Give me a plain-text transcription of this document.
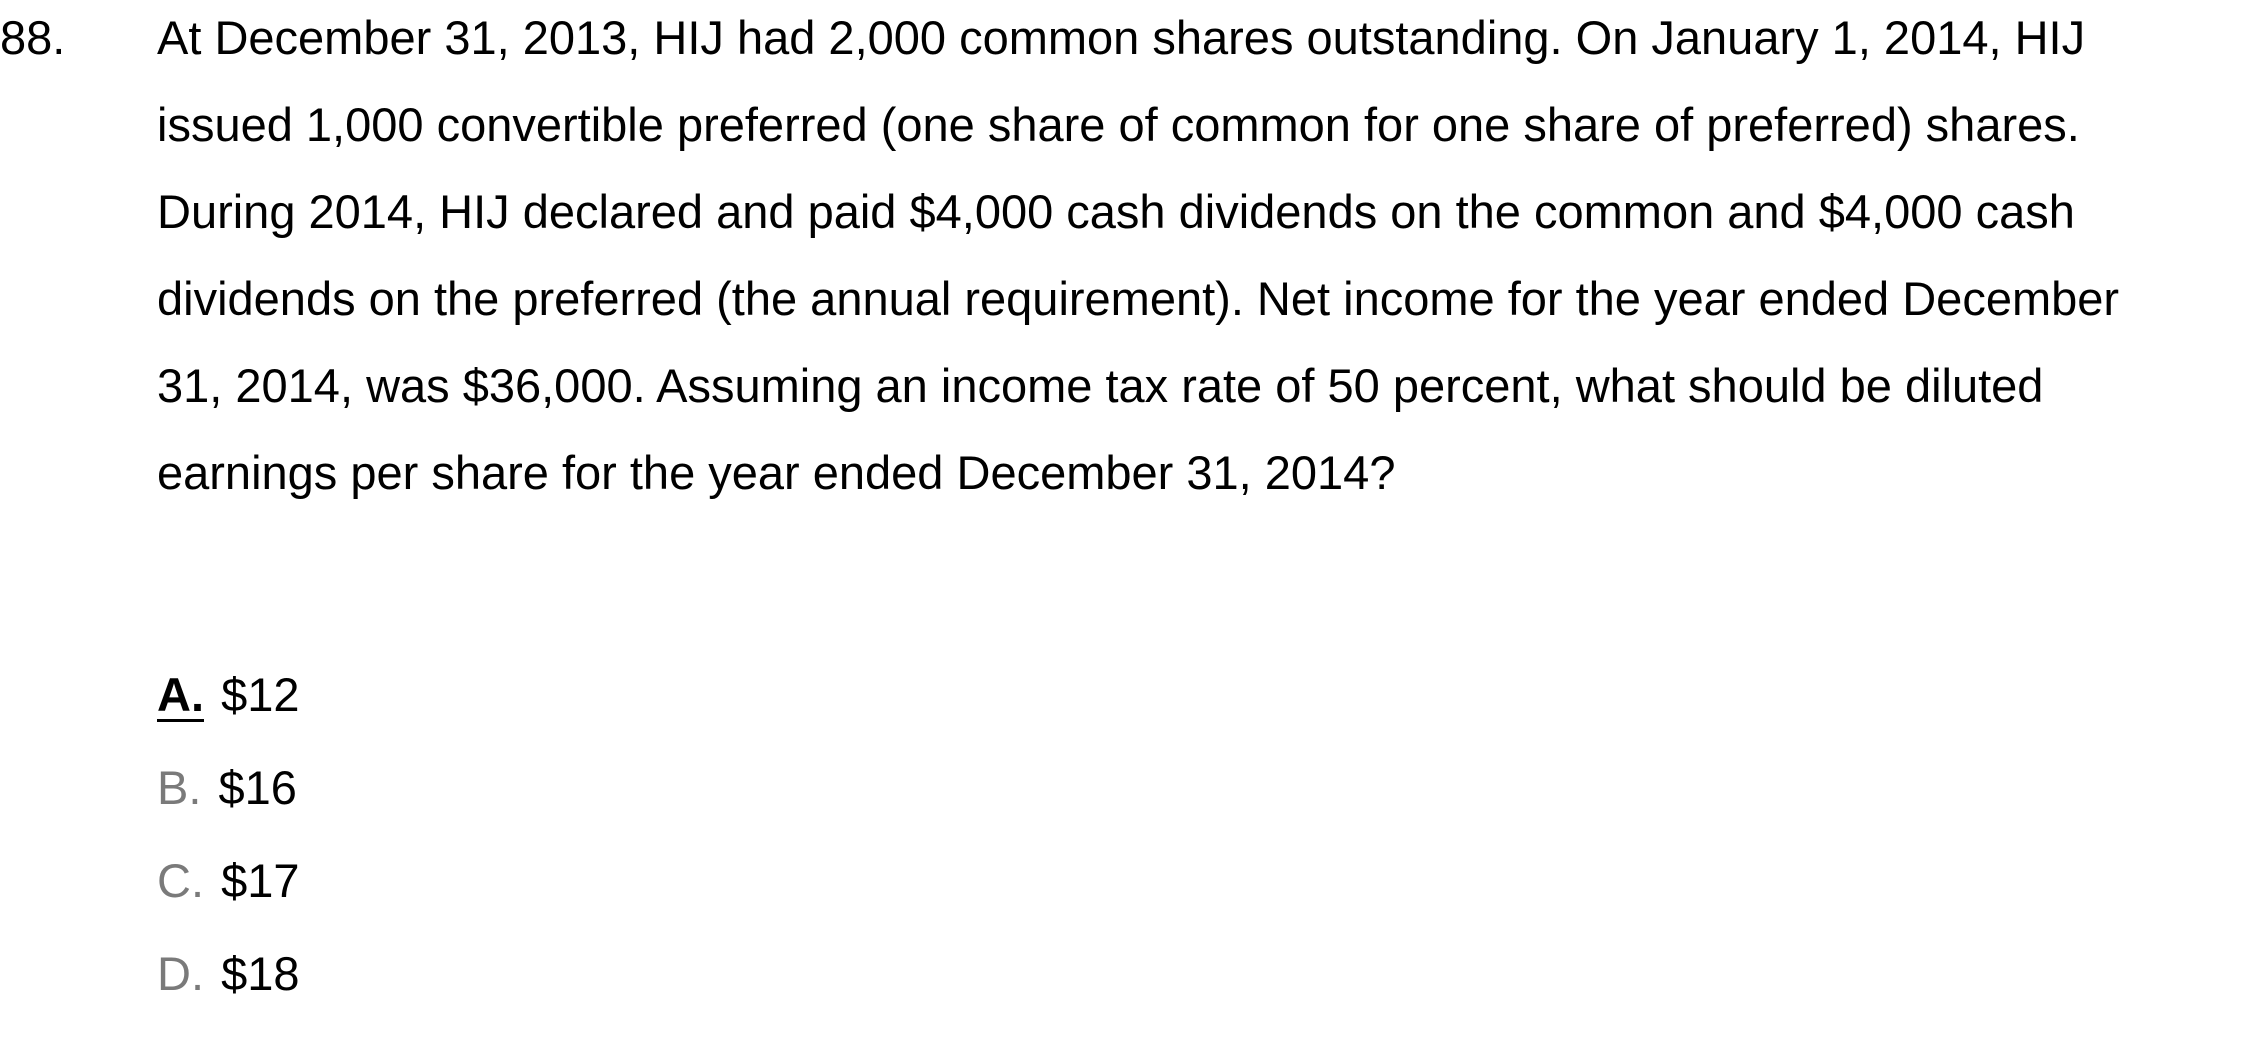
88. At December 31, 2013, HIJ had 2,000 common shares outstanding. On January 1, 2014, HIJ
issued 1,000 convertible preferred (one share of common for one share of preferred) shares.
During 2014, HIJ declared and paid $4,000 cash dividends on the common and $4,000 cash
dividends on the preferred (the annual requirement). Net income for the year ended December
31, 2014, was $36,000. Assuming an income tax rate of 50 percent, what should be diluted
earnings per share for the year ended December 31, 2014?
A. $12
B. $16
C. $17
D. $18
